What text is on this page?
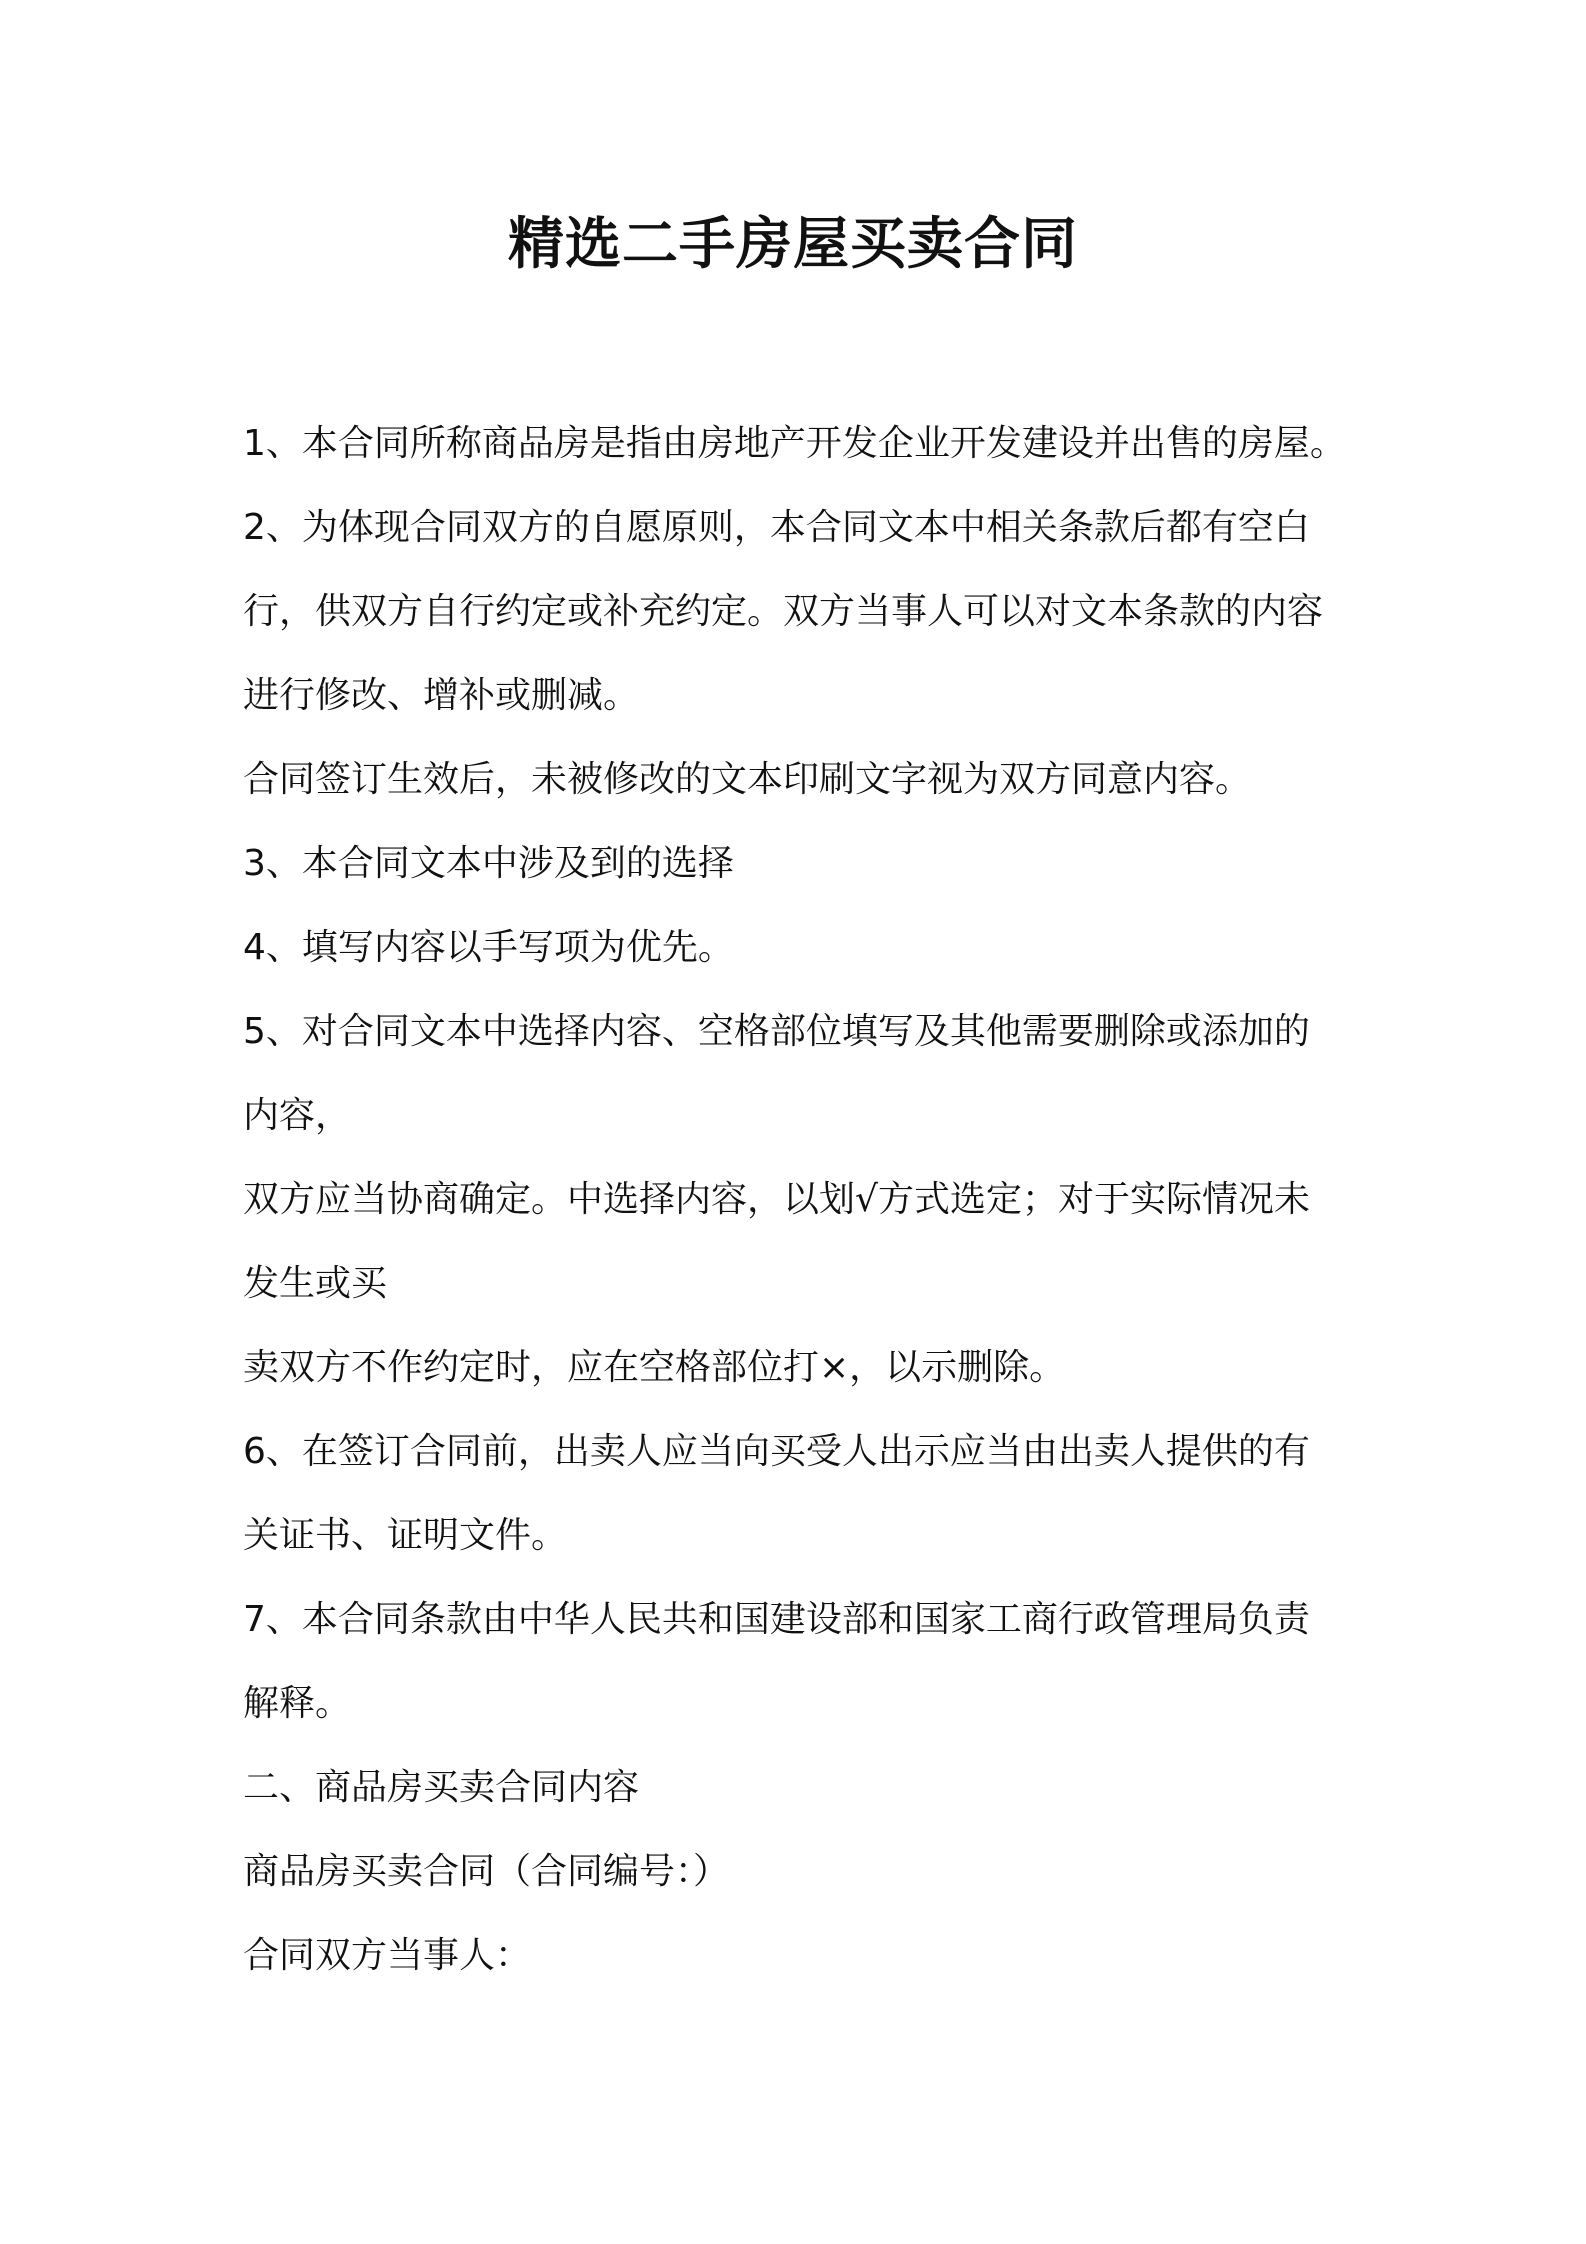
精选二手房屋买卖合同

1、本合同所称商品房是指由房地产开发企业开发建设并出售的房屋。

2、为体现合同双方的自愿原则，本合同文本中相关条款后都有空白

行，供双方自行约定或补充约定。双方当事人可以对文本条款的内容

进行修改、增补或删减。

合同签订生效后，未被修改的文本印刷文字视为双方同意内容。

3、本合同文本中涉及到的选择

4、填写内容以手写项为优先。

5、对合同文本中选择内容、空格部位填写及其他需要删除或添加的

内容，

双方应当协商确定。中选择内容，以划√方式选定；对于实际情况未

发生或买

卖双方不作约定时，应在空格部位打×，以示删除。

6、在签订合同前，出卖人应当向买受人出示应当由出卖人提供的有

关证书、证明文件。

7、本合同条款由中华人民共和国建设部和国家工商行政管理局负责

解释。

二、商品房买卖合同内容

商品房买卖合同（合同编号：）

合同双方当事人：
